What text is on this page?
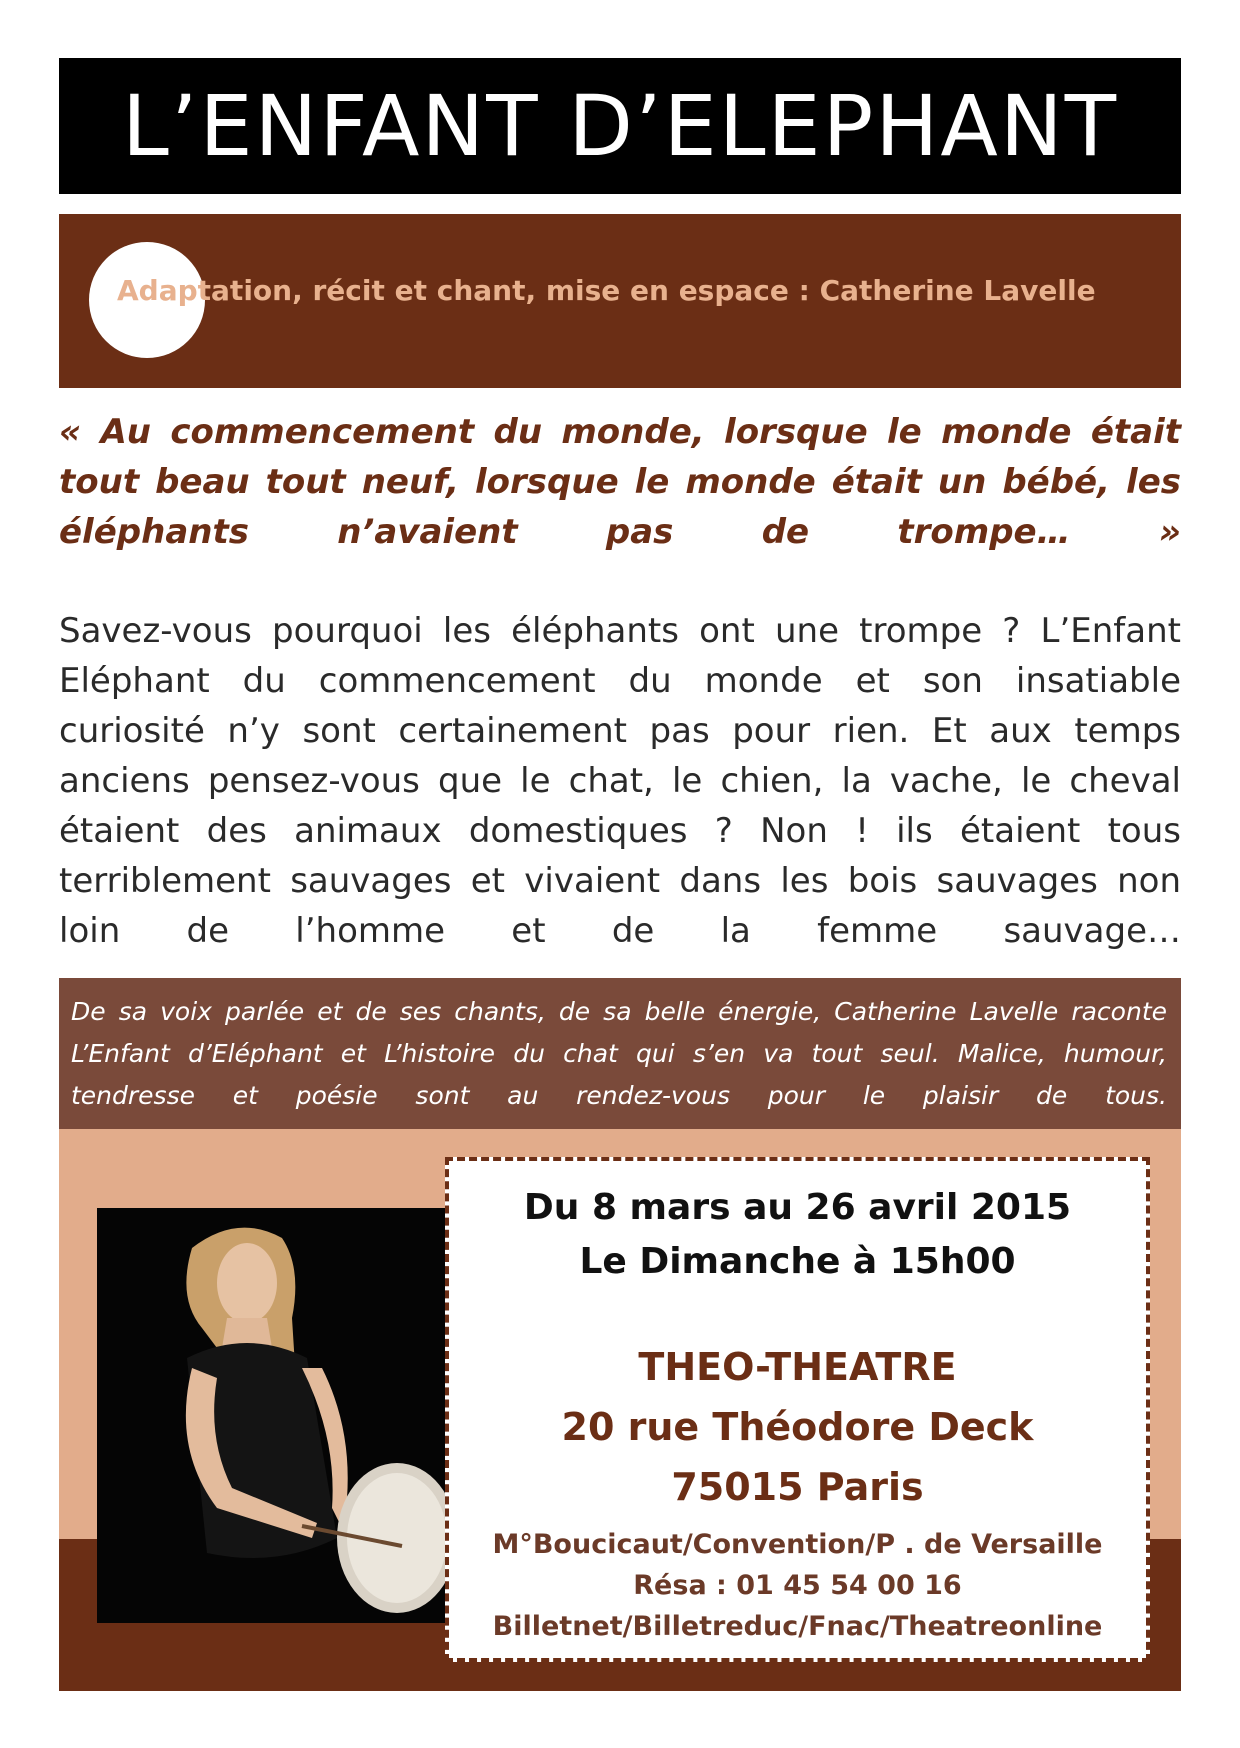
L’ENFANT D’ELEPHANT
Adaptation, récit et chant, mise en espace : Catherine Lavelle

« Au commencement du monde, lorsque le monde était tout beau tout neuf, lorsque le monde était un bébé, les éléphants n’avaient pas de trompe… »

Savez-vous pourquoi les éléphants ont une trompe ? L’Enfant Eléphant du commencement du monde et son insatiable curiosité n’y sont certainement pas pour rien. Et aux temps anciens pensez-vous que le chat, le chien, la vache, le cheval étaient des animaux domestiques ? Non ! ils étaient tous terriblement sauvages et vivaient dans les bois sauvages non loin de l’homme et de la femme sauvage…

De sa voix parlée et de ses chants, de sa belle énergie, Catherine Lavelle raconte L’Enfant d’Eléphant et L’histoire du chat qui s’en va tout seul. Malice, humour, tendresse et poésie sont au rendez-vous pour le plaisir de tous.

Du 8 mars au 26 avril 2015
Le Dimanche à 15h00
THEO-THEATRE
20 rue Théodore Deck
75015 Paris
M°Boucicaut/Convention/P . de Versaille
Résa : 01 45 54 00 16
Billetnet/Billetreduc/Fnac/Theatreonline
